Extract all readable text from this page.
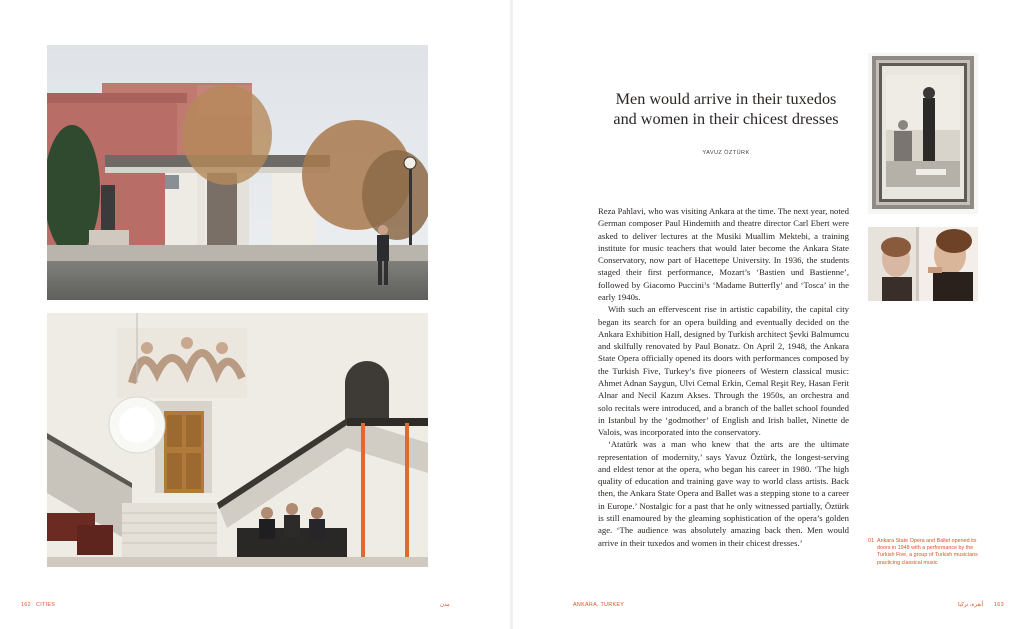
Men would arrive in their tuxedos and women in their chicest dresses
YAVUZ ÖZTÜRK

Reza Pahlavi, who was visiting Ankara at the time. The next year, noted German composer Paul Hindemith and theatre director Carl Ebert were asked to deliver lectures at the Musiki Muallim Mektebi, a training institute for music teachers that would later become the Ankara State Conservatory, now part of Hacettepe University. In 1936, the students staged their first performance, Mozart’s ‘Bastien und Bastienne’, followed by Giacomo Puccini’s ‘Madame Butterfly’ and ‘Tosca’ in the early 1940s.

With such an effervescent rise in artistic capability, the capital city began its search for an opera building and eventually decided on the Ankara Exhibition Hall, designed by Turkish architect Şevki Balmumcu and skilfully renovated by Paul Bonatz. On April 2, 1948, the Ankara State Opera officially opened its doors with performances composed by the Turkish Five, Turkey’s five pioneers of Western classical music: Ahmet Adnan Saygun, Ulvi Cemal Erkin, Cemal Reşit Rey, Hasan Ferit Alnar and Necil Kazım Akses. Through the 1950s, an orchestra and solo recitals were introduced, and a branch of the ballet school founded in Istanbul by the ‘godmother’ of English and Irish ballet, Ninette de Valois, was incorporated into the conservatory.

‘Atatürk was a man who knew that the arts are the ultimate representation of modernity,’ says Yavuz Öztürk, the longest-serving and eldest tenor at the opera, who began his career in 1980. ‘The high quality of education and training gave way to world class artists. Back then, the Ankara State Opera and Ballet was a stepping stone to a career in Europe.’ Nostalgic for a past that he only witnessed partially, Öztürk is still enamoured by the gleaming sophistication of the opera’s golden age. ‘The audience was absolutely amazing back then. Men would arrive in their tuxedos and women in their chicest dresses.’	01 Ankara State Opera and Ballet opened its doors in 1948 with a performance by the Turkish Five, a group of Turkish musicians practicing classical music
162 CITIES	مدن	ANKARA, TURKEY	أنقرة، تركيا 163
